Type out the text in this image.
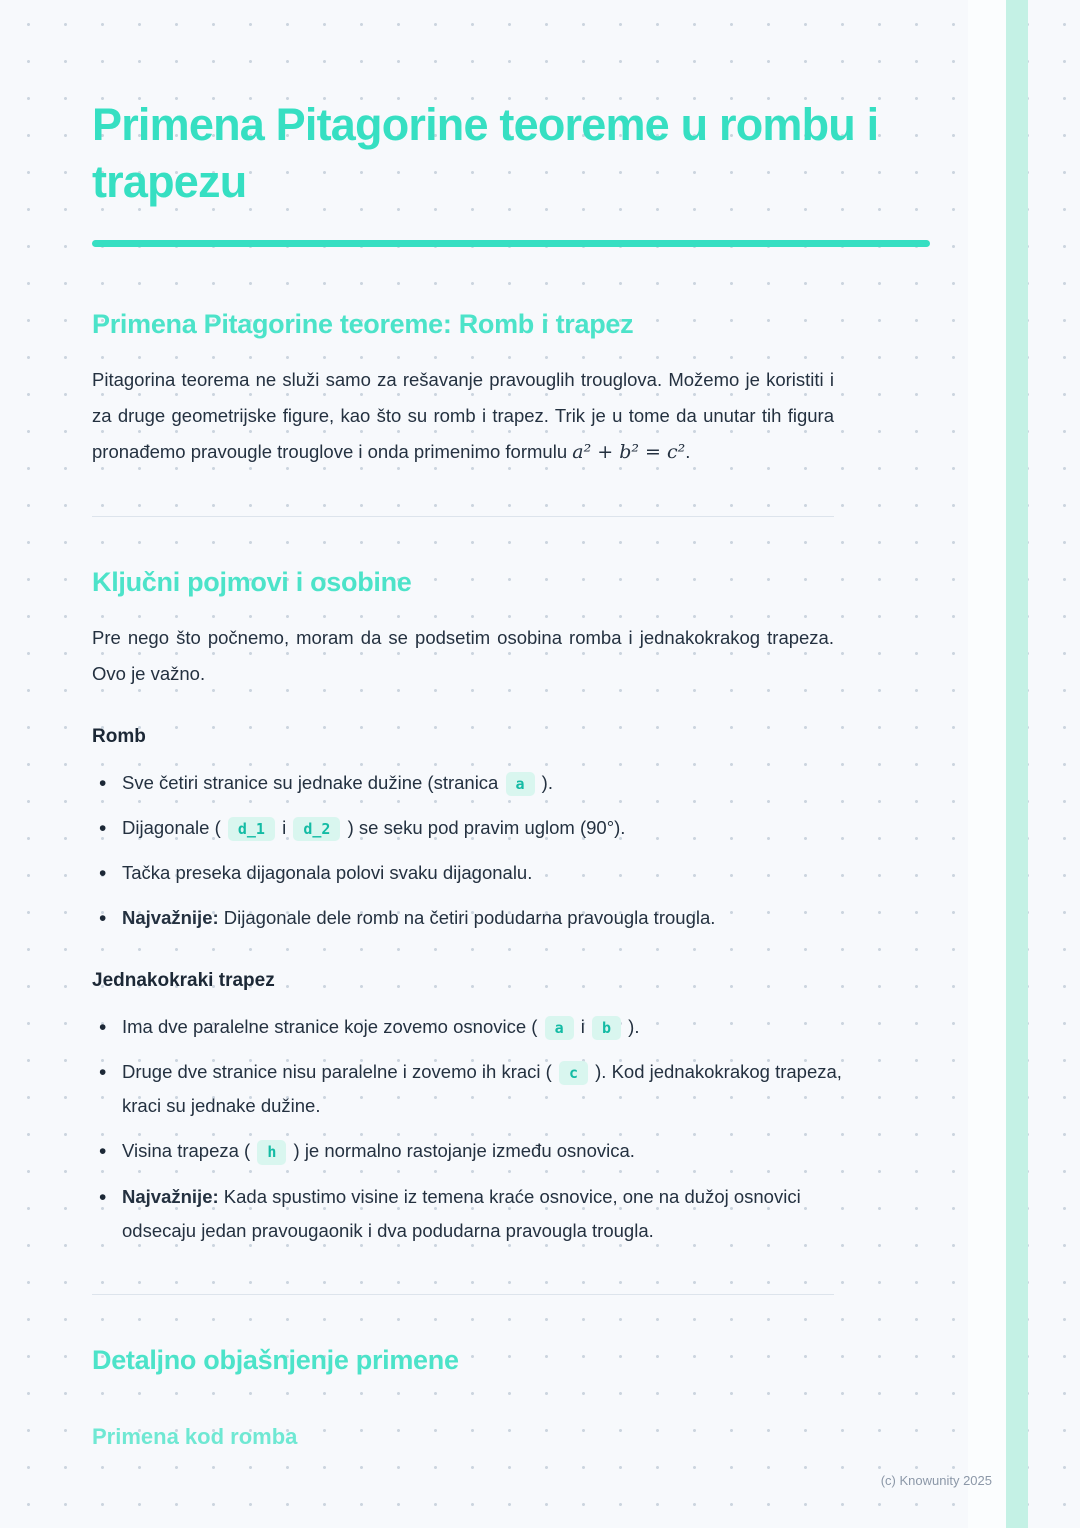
Primena Pitagorine teoreme u rombu i trapezu
Primena Pitagorine teoreme: Romb i trapez

Pitagorina teorema ne služi samo za rešavanje pravouglih trouglova. Možemo je koristiti i za druge geometrijske figure, kao što su romb i trapez. Trik je u tome da unutar tih figura pronađemo pravougle trouglove i onda primenimo formulu a² + b² = c².

Ključni pojmovi i osobine

Pre nego što počnemo, moram da se podsetim osobina romba i jednakokrakog trapeza. Ovo je važno.

Romb
• Sve četiri stranice su jednake dužine (stranica a ).
• Dijagonale ( d_1 i d_2 ) se seku pod pravim uglom (90°).
• Tačka preseka dijagonala polovi svaku dijagonalu.
• Najvažnije: Dijagonale dele romb na četiri podudarna pravougla trougla.
Jednakokraki trapez
• Ima dve paralelne stranice koje zovemo osnovice ( a i b ).
• Druge dve stranice nisu paralelne i zovemo ih kraci ( c ). Kod jednakokrakog trapeza, kraci su jednake dužine.
• Visina trapeza ( h ) je normalno rastojanje između osnovica.
• Najvažnije: Kada spustimo visine iz temena kraće osnovice, one na dužoj osnovici odsecaju jedan pravougaonik i dva podudarna pravougla trougla.
Detaljno objašnjenje primene
Primena kod romba
(c) Knowunity 2025
